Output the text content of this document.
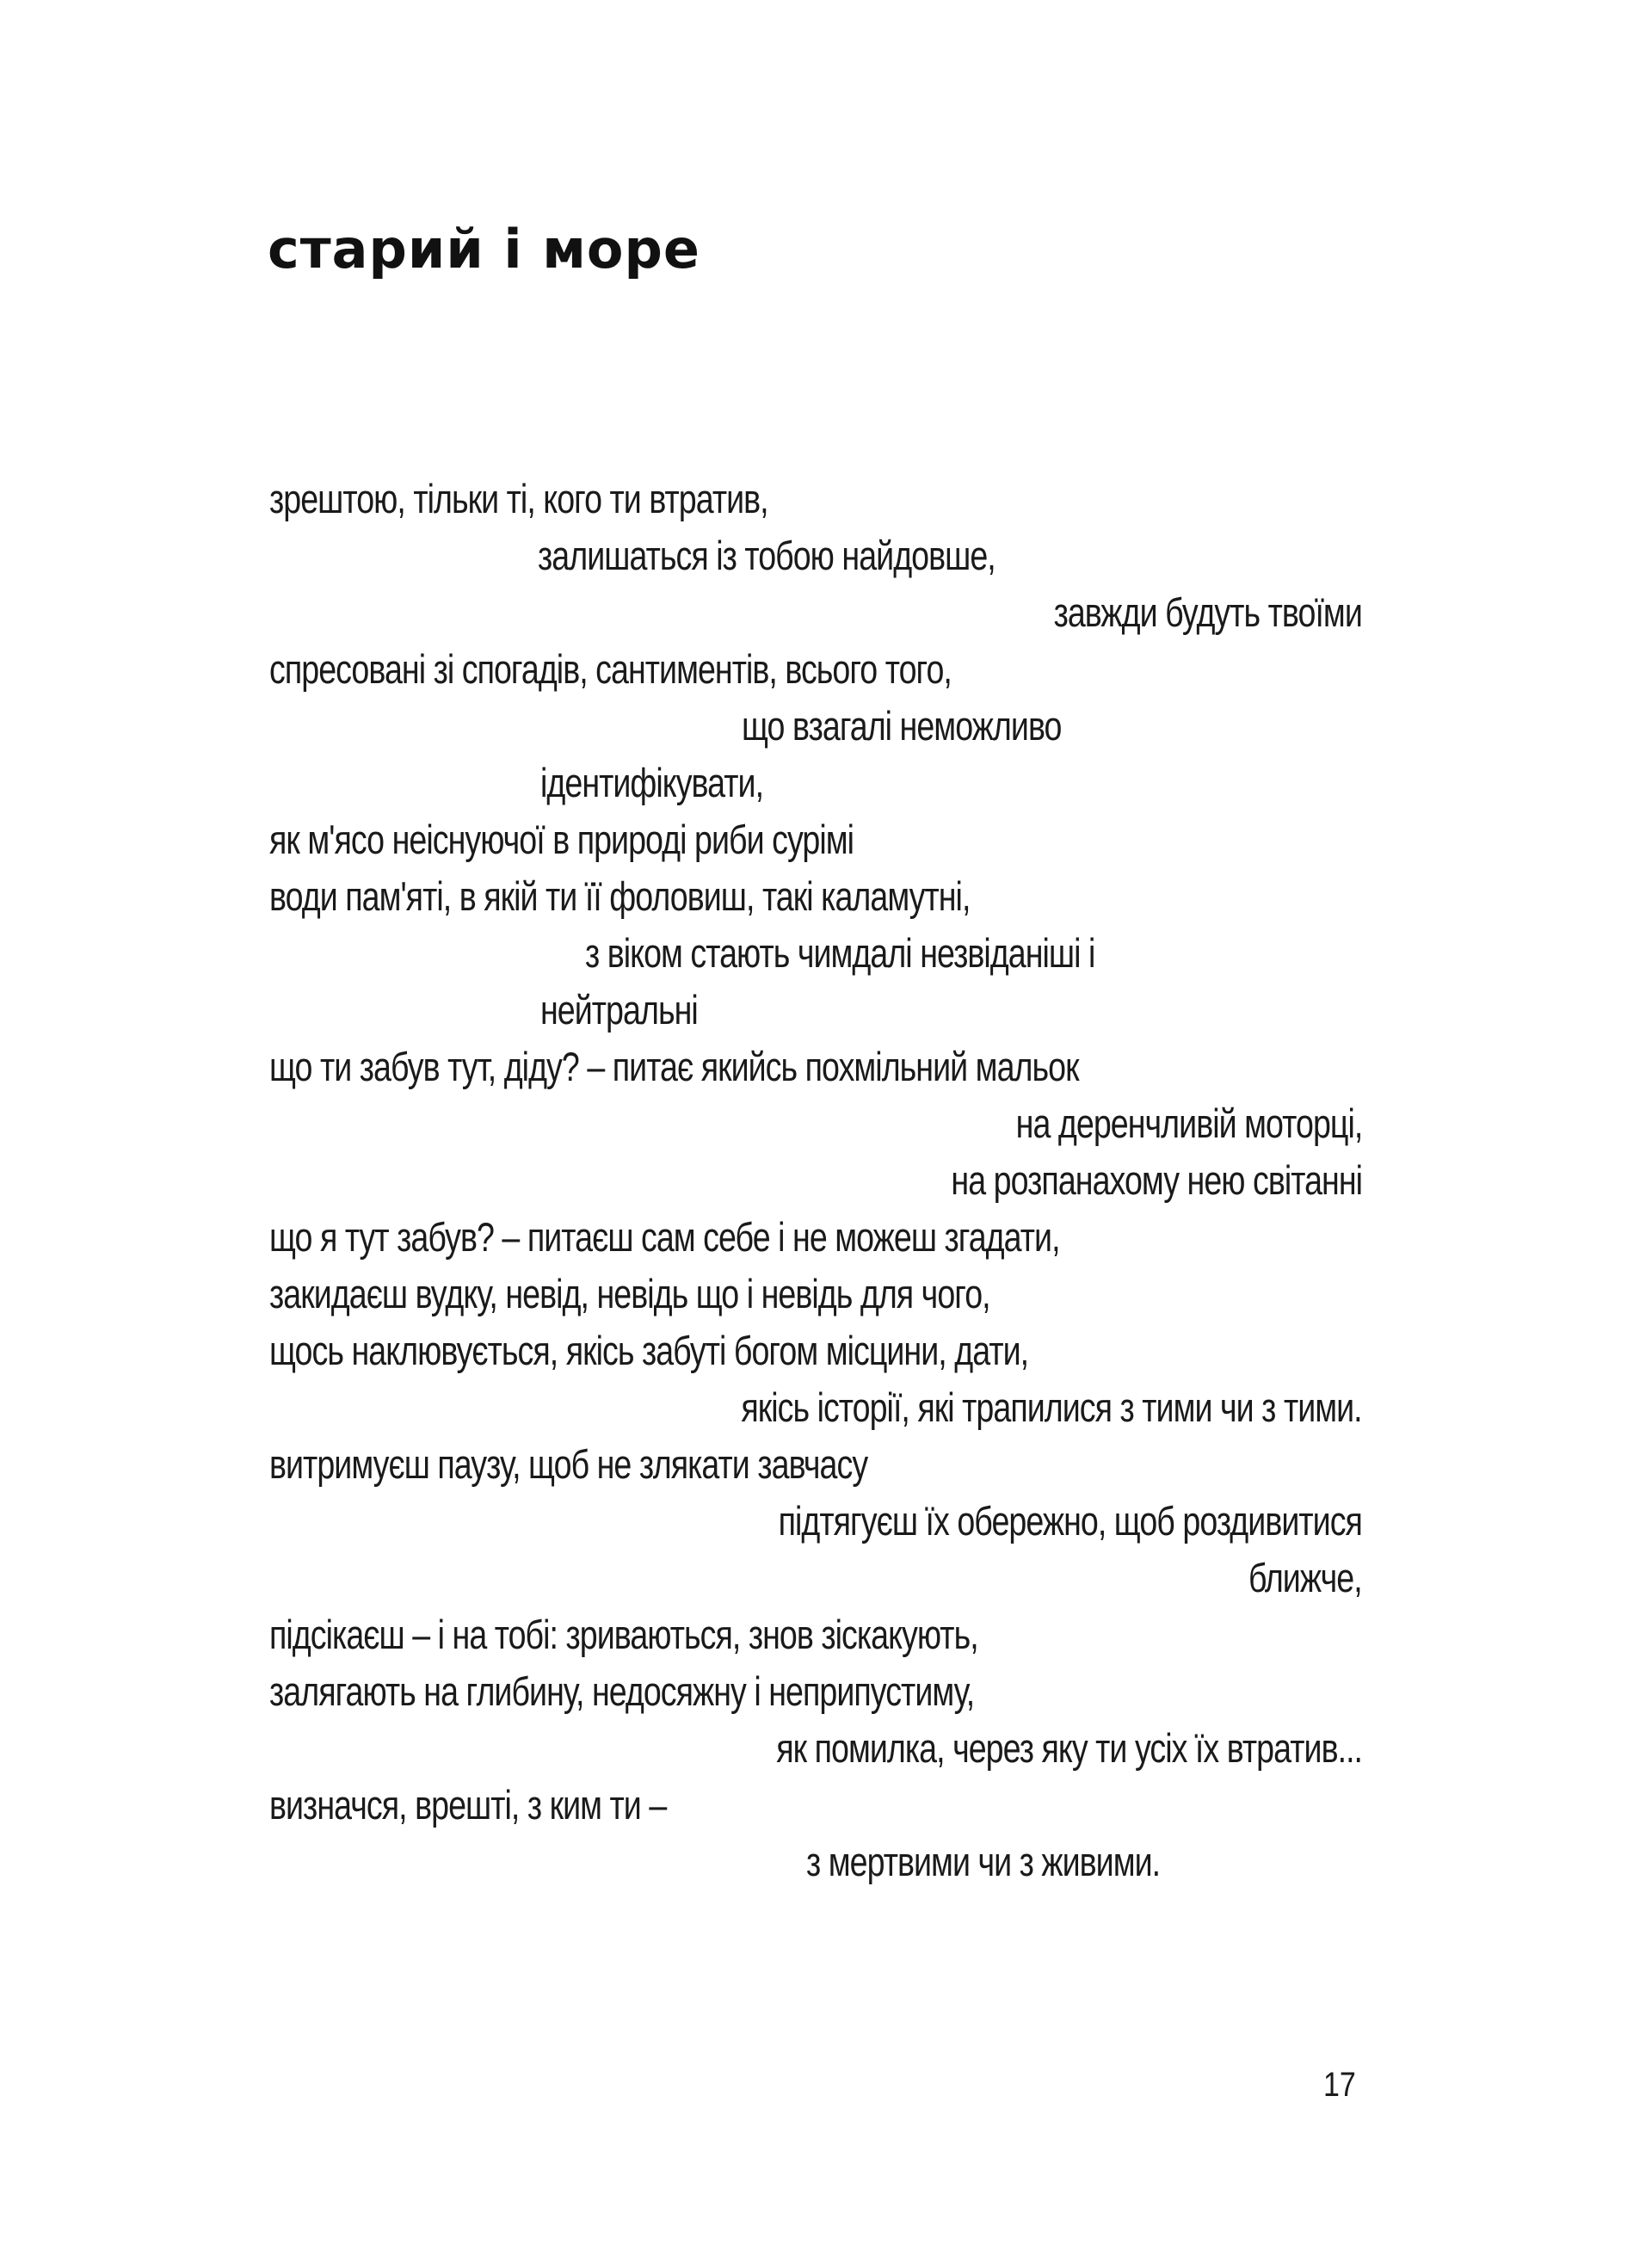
старий і море
зрештою, тільки ті, кого ти втратив,
залишаться із тобою найдовше,
завжди будуть твоїми
спресовані зі спогадів, сантиментів, всього того,
що взагалі неможливо
ідентифікувати,
як м'ясо неіснуючої в природі риби сурімі
води пам'яті, в якій ти її фоловиш, такі каламутні,
з віком стають чимдалі незвіданіші і
нейтральні
що ти забув тут, діду? – питає якийсь похмільний мальок
на деренчливій моторці,
на розпанахому нею світанні
що я тут забув? – питаєш сам себе і не можеш згадати,
закидаєш вудку, невід, невідь що і невідь для чого,
щось наклювується, якісь забуті богом місцини, дати,
якісь історії, які трапилися з тими чи з тими.
витримуєш паузу, щоб не злякати завчасу
підтягуєш їх обережно, щоб роздивитися
ближче,
підсікаєш – і на тобі: зриваються, знов зіскакують,
залягають на глибину, недосяжну і неприпустиму,
як помилка, через яку ти усіх їх втратив...
визначся, врешті, з ким ти –
з мертвими чи з живими.
17
